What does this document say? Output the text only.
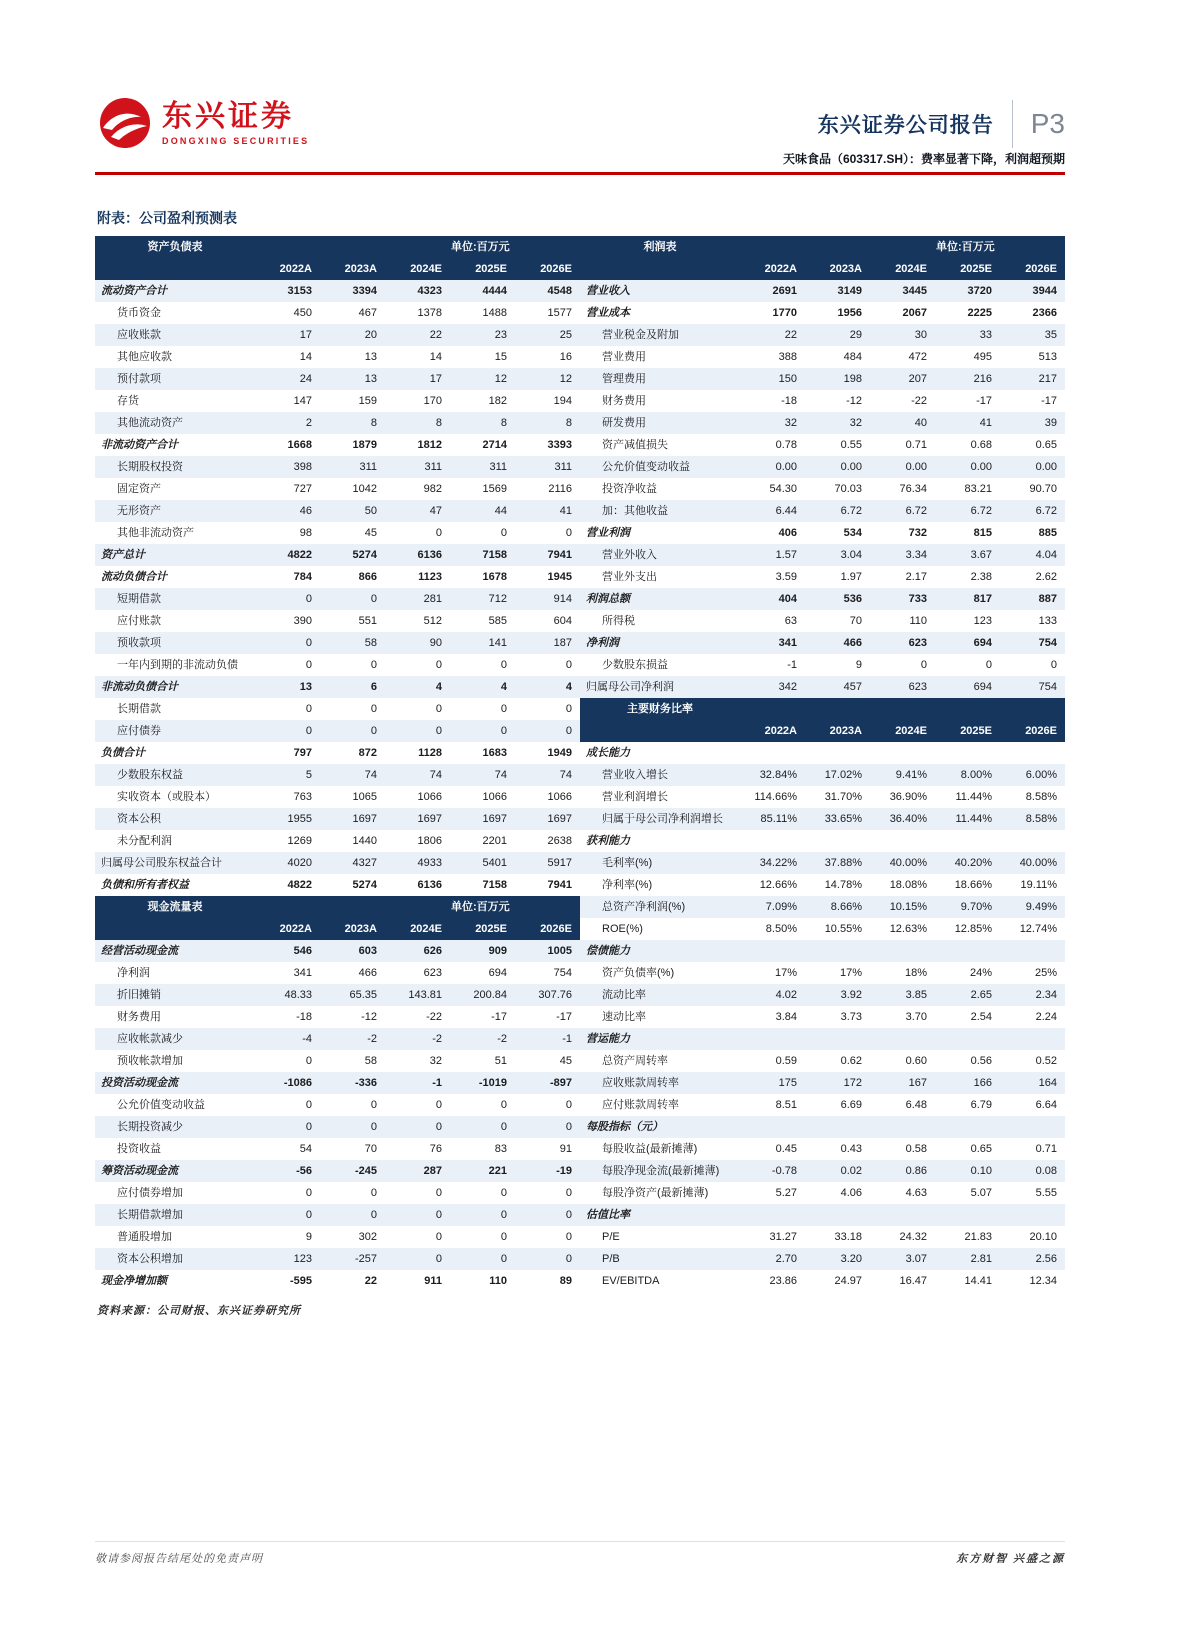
东兴证券
DONGXING SECURITIES
东兴证券公司报告 P3
天味食品（603317.SH）：费率显著下降，利润超预期
附表：公司盈利预测表
资产负债表	单位:百万元	利润表	单位:百万元
2022A	2023A	2024E	2025E	2026E	2022A	2023A	2024E	2025E	2026E
流动资产合计	3153	3394	4323	4444	4548	营业收入	2691	3149	3445	3720	3944
货币资金	450	467	1378	1488	1577	营业成本	1770	1956	2067	2225	2366
应收账款	17	20	22	23	25	营业税金及附加	22	29	30	33	35
其他应收款	14	13	14	15	16	营业费用	388	484	472	495	513
预付款项	24	13	17	12	12	管理费用	150	198	207	216	217
存货	147	159	170	182	194	财务费用	-18	-12	-22	-17	-17
其他流动资产	2	8	8	8	8	研发费用	32	32	40	41	39
非流动资产合计	1668	1879	1812	2714	3393	资产减值损失	0.78	0.55	0.71	0.68	0.65
长期股权投资	398	311	311	311	311	公允价值变动收益	0.00	0.00	0.00	0.00	0.00
固定资产	727	1042	982	1569	2116	投资净收益	54.30	70.03	76.34	83.21	90.70
无形资产	46	50	47	44	41	加：其他收益	6.44	6.72	6.72	6.72	6.72
其他非流动资产	98	45	0	0	0	营业利润	406	534	732	815	885
资产总计	4822	5274	6136	7158	7941	营业外收入	1.57	3.04	3.34	3.67	4.04
流动负债合计	784	866	1123	1678	1945	营业外支出	3.59	1.97	2.17	2.38	2.62
短期借款	0	0	281	712	914	利润总额	404	536	733	817	887
应付账款	390	551	512	585	604	所得税	63	70	110	123	133
预收款项	0	58	90	141	187	净利润	341	466	623	694	754
一年内到期的非流动负债	0	0	0	0	0	少数股东损益	-1	9	0	0	0
非流动负债合计	13	6	4	4	4	归属母公司净利润	342	457	623	694	754
长期借款	0	0	0	0	0	主要财务比率
应付债券	0	0	0	0	0	2022A	2023A	2024E	2025E	2026E
负债合计	797	872	1128	1683	1949	成长能力
少数股东权益	5	74	74	74	74	营业收入增长	32.84%	17.02%	9.41%	8.00%	6.00%
实收资本（或股本）	763	1065	1066	1066	1066	营业利润增长	114.66%	31.70%	36.90%	11.44%	8.58%
资本公积	1955	1697	1697	1697	1697	归属于母公司净利润增长	85.11%	33.65%	36.40%	11.44%	8.58%
未分配利润	1269	1440	1806	2201	2638	获利能力
归属母公司股东权益合计	4020	4327	4933	5401	5917	毛利率(%)	34.22%	37.88%	40.00%	40.20%	40.00%
负债和所有者权益	4822	5274	6136	7158	7941	净利率(%)	12.66%	14.78%	18.08%	18.66%	19.11%
现金流量表	单位:百万元	总资产净利润(%)	7.09%	8.66%	10.15%	9.70%	9.49%
2022A	2023A	2024E	2025E	2026E	ROE(%)	8.50%	10.55%	12.63%	12.85%	12.74%
经营活动现金流	546	603	626	909	1005	偿债能力
净利润	341	466	623	694	754	资产负债率(%)	17%	17%	18%	24%	25%
折旧摊销	48.33	65.35	143.81	200.84	307.76	流动比率	4.02	3.92	3.85	2.65	2.34
财务费用	-18	-12	-22	-17	-17	速动比率	3.84	3.73	3.70	2.54	2.24
应收帐款减少	-4	-2	-2	-2	-1	营运能力
预收帐款增加	0	58	32	51	45	总资产周转率	0.59	0.62	0.60	0.56	0.52
投资活动现金流	-1086	-336	-1	-1019	-897	应收账款周转率	175	172	167	166	164
公允价值变动收益	0	0	0	0	0	应付账款周转率	8.51	6.69	6.48	6.79	6.64
长期投资减少	0	0	0	0	0	每股指标（元）
投资收益	54	70	76	83	91	每股收益(最新摊薄)	0.45	0.43	0.58	0.65	0.71
筹资活动现金流	-56	-245	287	221	-19	每股净现金流(最新摊薄)	-0.78	0.02	0.86	0.10	0.08
应付债券增加	0	0	0	0	0	每股净资产(最新摊薄)	5.27	4.06	4.63	5.07	5.55
长期借款增加	0	0	0	0	0	估值比率
普通股增加	9	302	0	0	0	P/E	31.27	33.18	24.32	21.83	20.10
资本公积增加	123	-257	0	0	0	P/B	2.70	3.20	3.07	2.81	2.56
现金净增加额	-595	22	911	110	89	EV/EBITDA	23.86	24.97	16.47	14.41	12.34
资料来源：公司财报、东兴证券研究所
敬请参阅报告结尾处的免责声明	东方财智 兴盛之源
